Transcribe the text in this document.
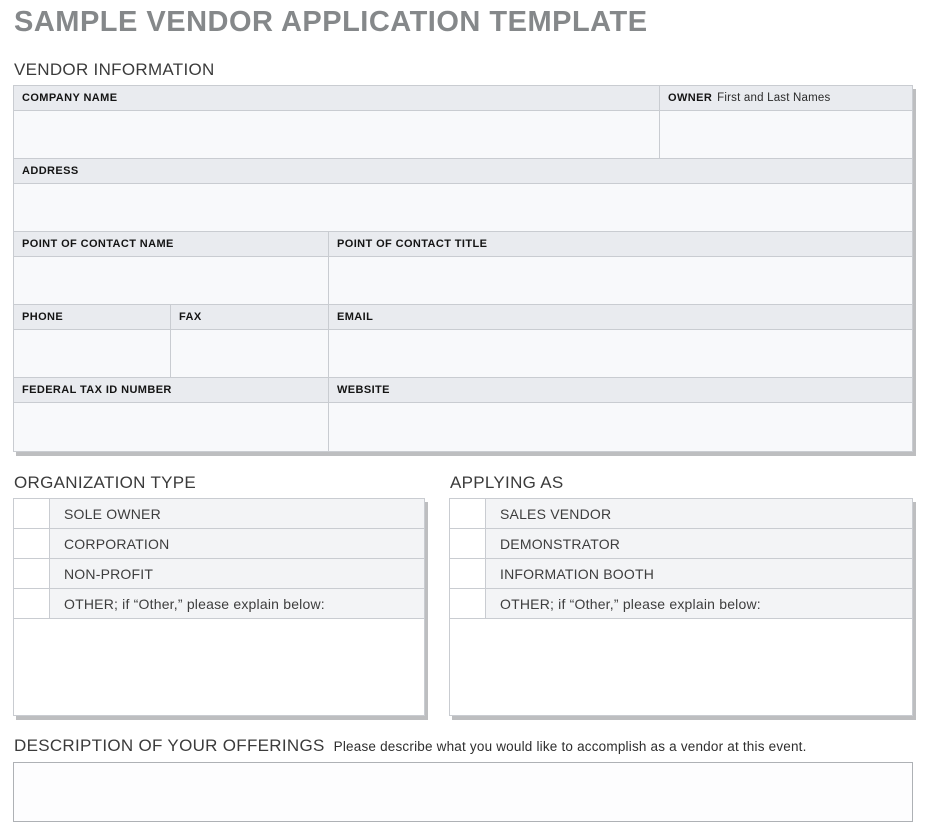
SAMPLE VENDOR APPLICATION TEMPLATE
VENDOR INFORMATION
COMPANY NAME	OWNER First and Last Names
ADDRESS
POINT OF CONTACT NAME	POINT OF CONTACT TITLE
PHONE	FAX	EMAIL
FEDERAL TAX ID NUMBER	WEBSITE
ORGANIZATION TYPE
SOLE OWNER
CORPORATION
NON-PROFIT
OTHER; if “Other,” please explain below:
APPLYING AS
SALES VENDOR
DEMONSTRATOR
INFORMATION BOOTH
OTHER; if “Other,” please explain below:
DESCRIPTION OF YOUR OFFERINGS Please describe what you would like to accomplish as a vendor at this event.
